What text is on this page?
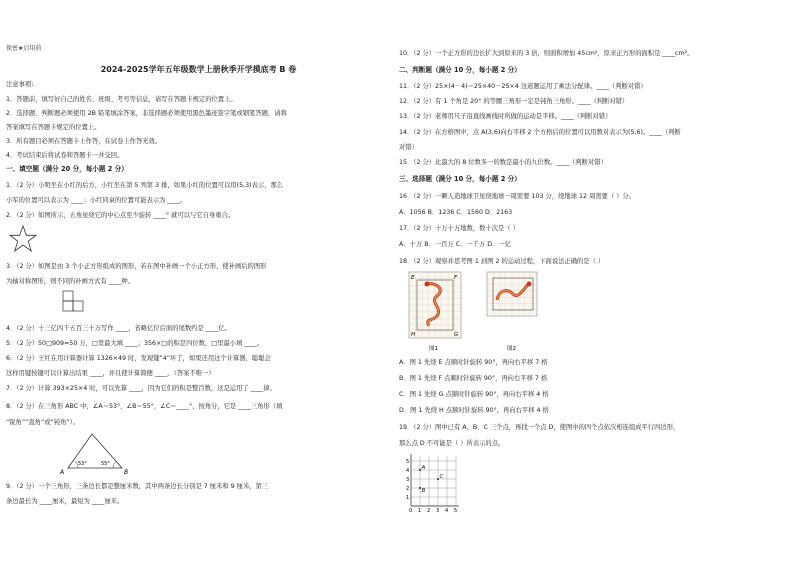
保密★启用前
2024-2025学年五年级数学上册秋季开学摸底考 B 卷
注意事项:
1．答题前，填写好自己的姓名、班级、考号等信息，请写在答题卡规定的位置上。
2．选择题、判断题必须使用 2B 铅笔填涂答案，非选择题必须使用黑色墨迹签字笔或钢笔答题，请将
答案填写在答题卡规定的位置上。
3．所有题目必须在答题卡上作答，在试卷上作答无效。
4．考试结束后将试卷和答题卡一并交回。
一、填空题（满分 20 分，每小题 2 分）
1．（2 分）小明坐在小红的后方，小红坐在第 5 列第 3 排，如果小红的位置可以用(5,3)表示，那么
小军的位置可以表示为 ____；小红同桌的位置可能表示为 ____。
2．（2 分）如图所示，五角星绕它的中心点至少旋转 ____° 就可以与它自身重合。
3．（2 分）如图是由 3 个小正方形组成的图形，若在图中补画一个小正方形，使补画后的图形
为轴对称图形，则不同的补画方式有 ____种。
4．（2 分）十三亿四千五百三十万写作 ____，省略亿位后面的尾数约是 ____亿。
5．（2 分）50□909≈50 万，□里最大填 ____；356×□的积是四位数，□里最小填 ____。
6．（2 分）王红在用计算器计算 1326×49 时，发现键“4”坏了，如果还用这个计算器，聪聪会
这样用键按键可以计算出结果 ____，并且使计算简便 ____。（答案不唯一）
7．（2 分）计算 393×25×4 时，可以先算 ____，因为它们的积是整百数，这是运用了 ____律。
8．（2 分）在三角形 ABC 中，∠A＝53°，∠B＝55°，∠C＝____°，按角分，它是 ____三角形（填
“锐角”“直角”或“钝角”）。
A	B
53°	55°
9．（2 分）一个三角形，三条边长都是整厘米数，其中两条边长分别是 7 厘米和 9 厘米，第三
条边最长为 ____厘米，最短为 ____厘米。
10．（2 分）一个正方形的边长扩大到原来的 3 倍，则面积增加 45cm²，原来正方形的面积是 ____cm²。
二、判断题（满分 10 分，每小题 2 分）
11．（2 分）25×(4－4)＝25×40－25×4 这道题运用了乘法分配律。____（判断对错）
12．（2 分）有 1 个角是 20° 的等腰三角形一定是钝角三角形。____（判断对错）
13．（2 分）老师用尺子沿直线画线时所做的运动是平移。____（判断对错）
14．（2 分）在方格图中，点 A(3,6)向右平移 2 个方格后的位置可以用数对表示为(5,6)。____（判断
对错）
15．（2 分）比最大的 8 位数多一的数是最小的九位数。____（判断对错）
三、选择题（满分 10 分，每小题 2 分）
16．（2 分）一颗人造地球卫星绕地球一周需要 103 分，绕地球 12 周需要（ ）分。
A．1056 B．1236 C．1560 D．2163
17．（2 分）十万十万地数，数十次是（ ）
A．十万 B．一百万 C．一千万 D．一亿
18．（2 分）观察并思考图 1 到图 2 的运动过程，下面说法正确的是（ ）
E	F
G
H
图1	图2
A．图 1 先绕 E 点顺时针旋转 90°，再向右平移 7 格
B．图 1 先绕 F 点顺时针旋转 90°，再向右平移 7 格
C．图 1 先绕 G 点顺时针旋转 90°，再向右平移 4 格
D．图 1 先绕 H 点顺时针旋转 90°，再向右平移 4 格
19．（2 分）图中已有 A、B、C 三个点，再找一个点 D，使图中的四个点依次相连组成平行四边形，
那么点 D 不可能是（ ）所表示的点。
5
4
3
2
1
0 1 2 3 4 5
A
C
B
